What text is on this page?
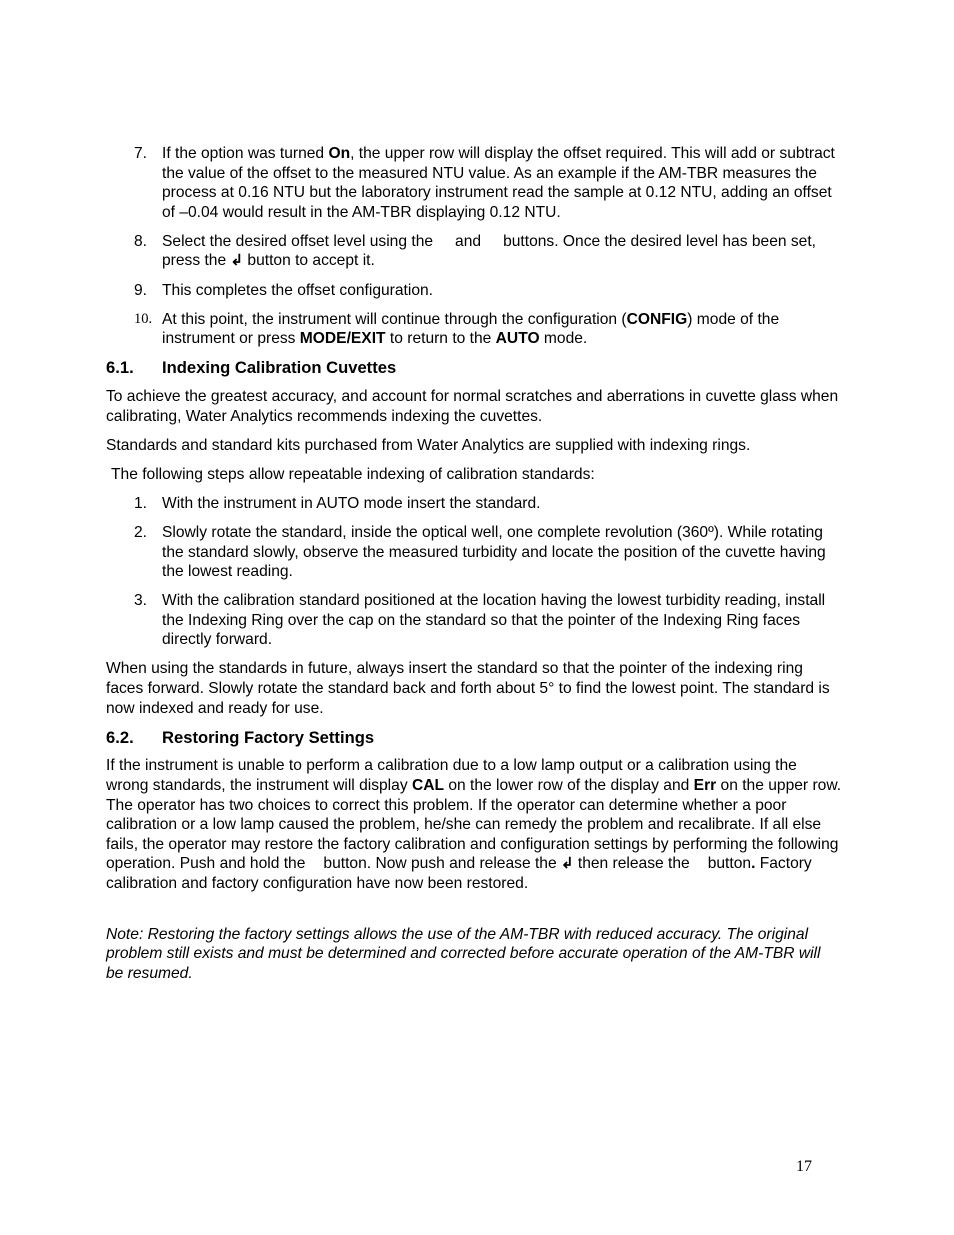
7. If the option was turned On, the upper row will display the offset required. This will add or subtract the value of the offset to the measured NTU value. As an example if the AM-TBR measures the process at 0.16 NTU but the laboratory instrument read the sample at 0.12 NTU, adding an offset of –0.04 would result in the AM-TBR displaying 0.12 NTU.
8. Select the desired offset level using the and buttons. Once the desired level has been set, press the ↲ button to accept it.
9. This completes the offset configuration.
10. At this point, the instrument will continue through the configuration (CONFIG) mode of the instrument or press MODE/EXIT to return to the AUTO mode.
6.1. Indexing Calibration Cuvettes

To achieve the greatest accuracy, and account for normal scratches and aberrations in cuvette glass when calibrating, Water Analytics recommends indexing the cuvettes.

Standards and standard kits purchased from Water Analytics are supplied with indexing rings.

The following steps allow repeatable indexing of calibration standards:

1. With the instrument in AUTO mode insert the standard.
2. Slowly rotate the standard, inside the optical well, one complete revolution (360º). While rotating the standard slowly, observe the measured turbidity and locate the position of the cuvette having the lowest reading.
3. With the calibration standard positioned at the location having the lowest turbidity reading, install the Indexing Ring over the cap on the standard so that the pointer of the Indexing Ring faces directly forward.

When using the standards in future, always insert the standard so that the pointer of the indexing ring faces forward. Slowly rotate the standard back and forth about 5° to find the lowest point. The standard is now indexed and ready for use.

6.2. Restoring Factory Settings

If the instrument is unable to perform a calibration due to a low lamp output or a calibration using the wrong standards, the instrument will display CAL on the lower row of the display and Err on the upper row. The operator has two choices to correct this problem. If the operator can determine whether a poor calibration or a low lamp caused the problem, he/she can remedy the problem and recalibrate. If all else fails, the operator may restore the factory calibration and configuration settings by performing the following operation. Push and hold the button. Now push and release the ↲ then release the button. Factory calibration and factory configuration have now been restored.

Note: Restoring the factory settings allows the use of the AM-TBR with reduced accuracy. The original problem still exists and must be determined and corrected before accurate operation of the AM-TBR will be resumed.

17
